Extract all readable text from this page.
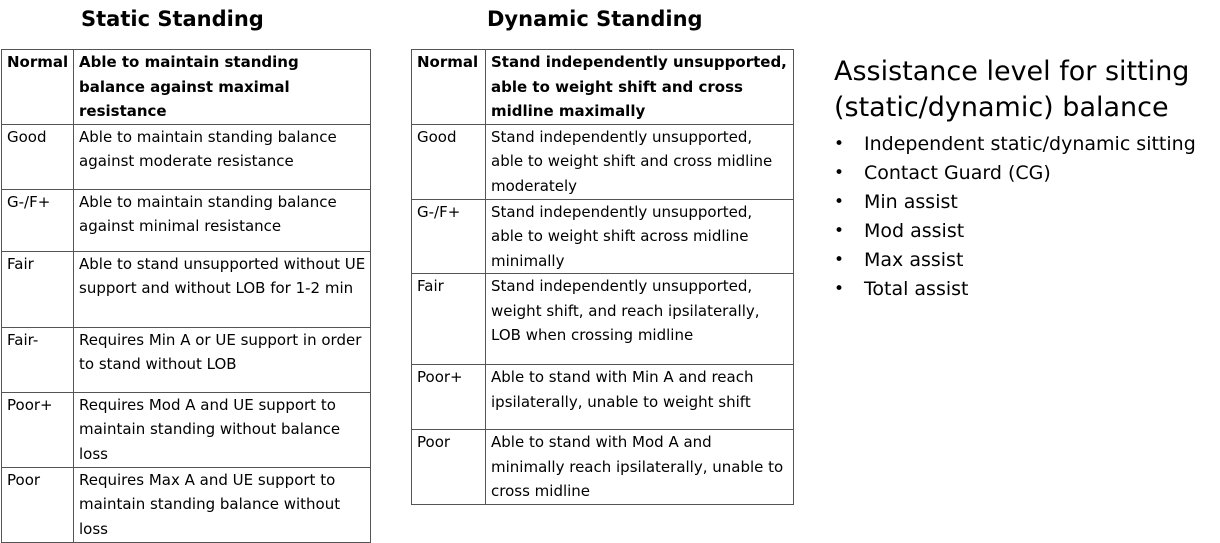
Static Standing	Dynamic Standing
Normal	Able to maintain standing balance against maximal resistance
Good	Able to maintain standing balance against moderate resistance
G-/F+	Able to maintain standing balance against minimal resistance
Fair	Able to stand unsupported without UE support and without LOB for 1-2 min
Fair-	Requires Min A or UE support in order to stand without LOB
Poor+	Requires Mod A and UE support to maintain standing without balance loss
Poor	Requires Max A and UE support to maintain standing balance without loss
Normal	Stand independently unsupported, able to weight shift and cross midline maximally
Good	Stand independently unsupported, able to weight shift and cross midline moderately
G-/F+	Stand independently unsupported, able to weight shift across midline minimally
Fair	Stand independently unsupported, weight shift, and reach ipsilaterally, LOB when crossing midline
Poor+	Able to stand with Min A and reach ipsilaterally, unable to weight shift
Poor	Able to stand with Mod A and minimally reach ipsilaterally, unable to cross midline
Assistance level for sitting (static/dynamic) balance
• Independent static/dynamic sitting
• Contact Guard (CG)
• Min assist
• Mod assist
• Max assist
• Total assist
